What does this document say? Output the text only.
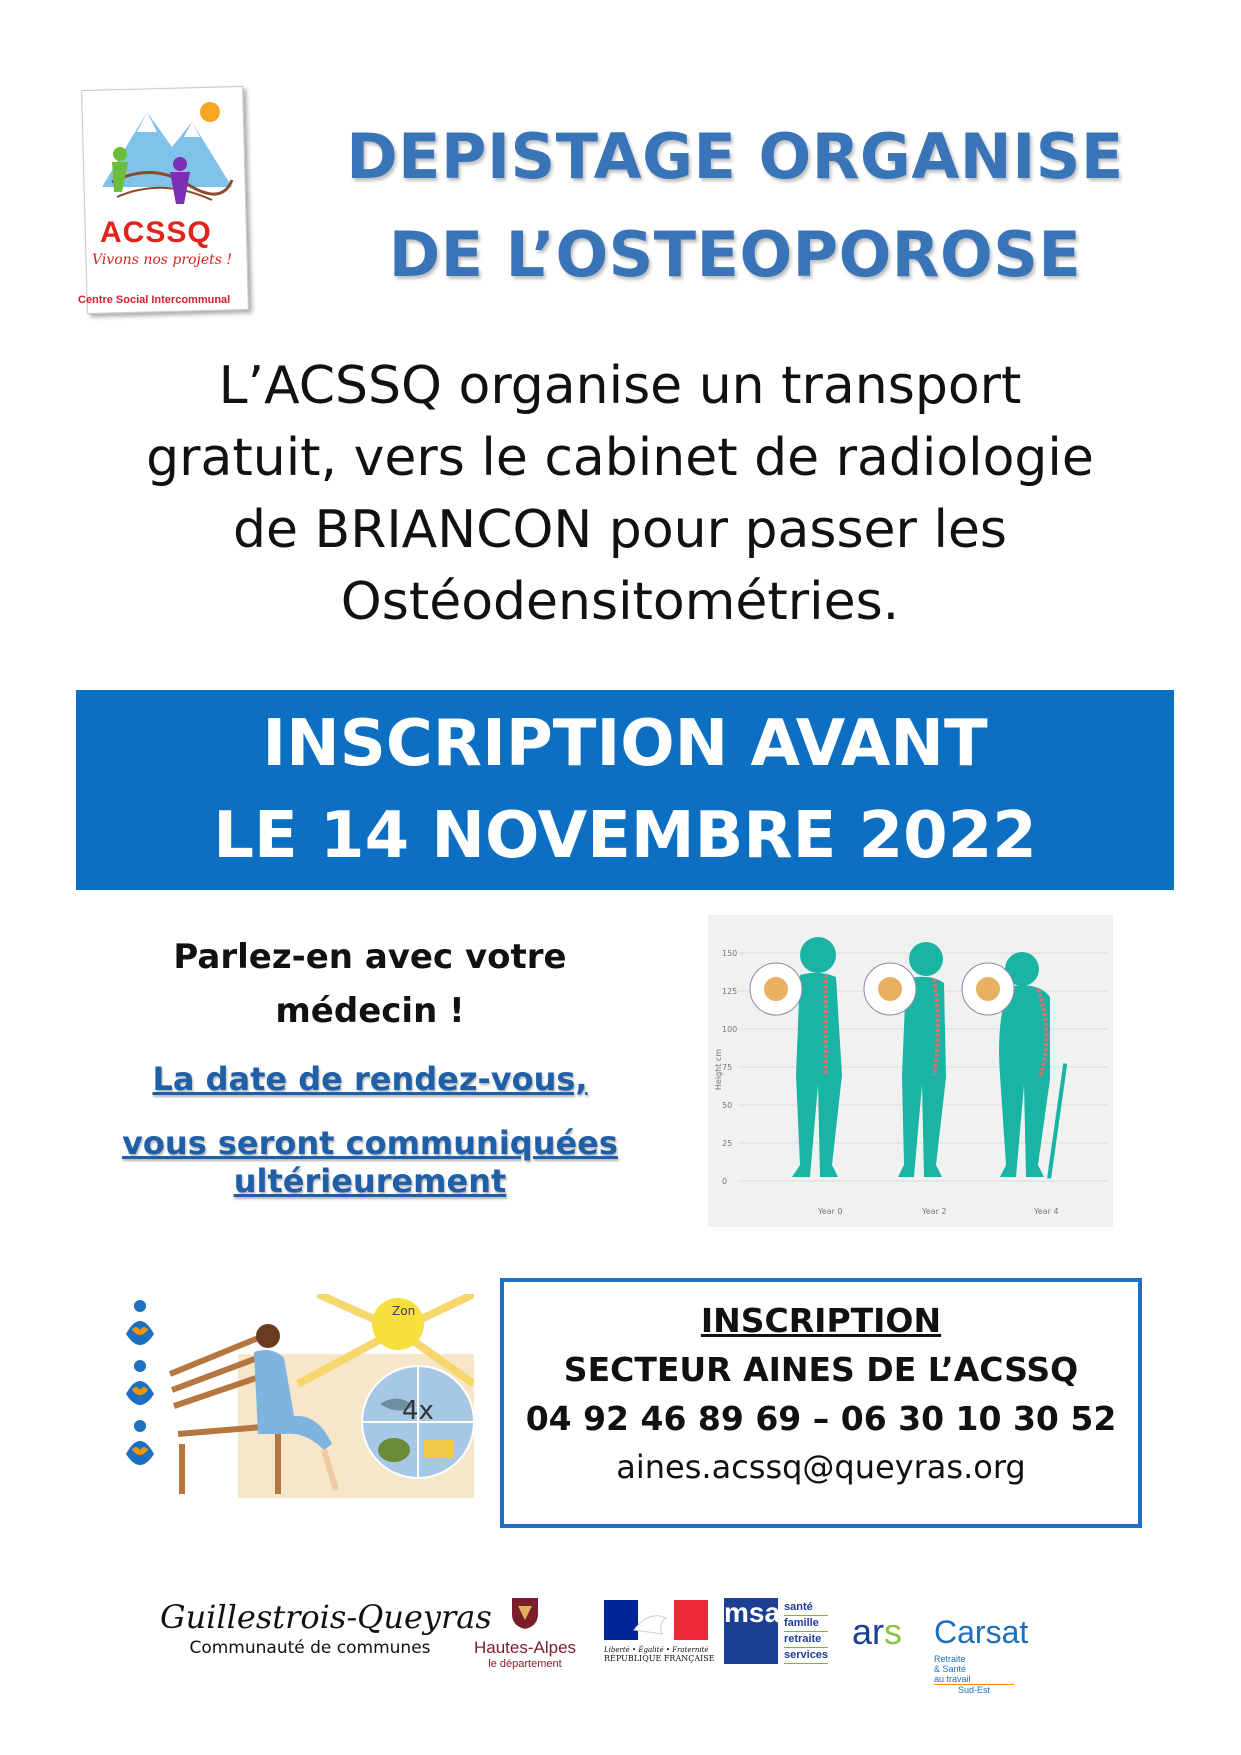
ACSSQ
Vivons nos projets !
Centre Social Intercommunal
DEPISTAGE ORGANISE
DE L’OSTEOPOROSE
L’ACSSQ organise un transport
gratuit, vers le cabinet de radiologie
de BRIANCON pour passer les
Ostéodensitométries.
INSCRIPTION AVANT
LE 14 NOVEMBRE 2022
Parlez-en avec votre
médecin !
La date de rendez-vous,
vous seront communiquées
ultérieurement
Height cm
150
125
100
75
50
25
0
Year 0	Year 2	Year 4
Zon
4x
INSCRIPTION
SECTEUR AINES DE L’ACSSQ
04 92 46 89 69 – 06 30 10 30 52
aines.acssq@queyras.org
Guillestrois-Queyras
Communauté de communes	Hautes-Alpes
le département
Liberté • Égalité • Fraternité
RÉPUBLIQUE FRANÇAISE
msa santé
famille
retraite
services
ars Carsat
Retraite
& Santé
au travail
Sud-Est
